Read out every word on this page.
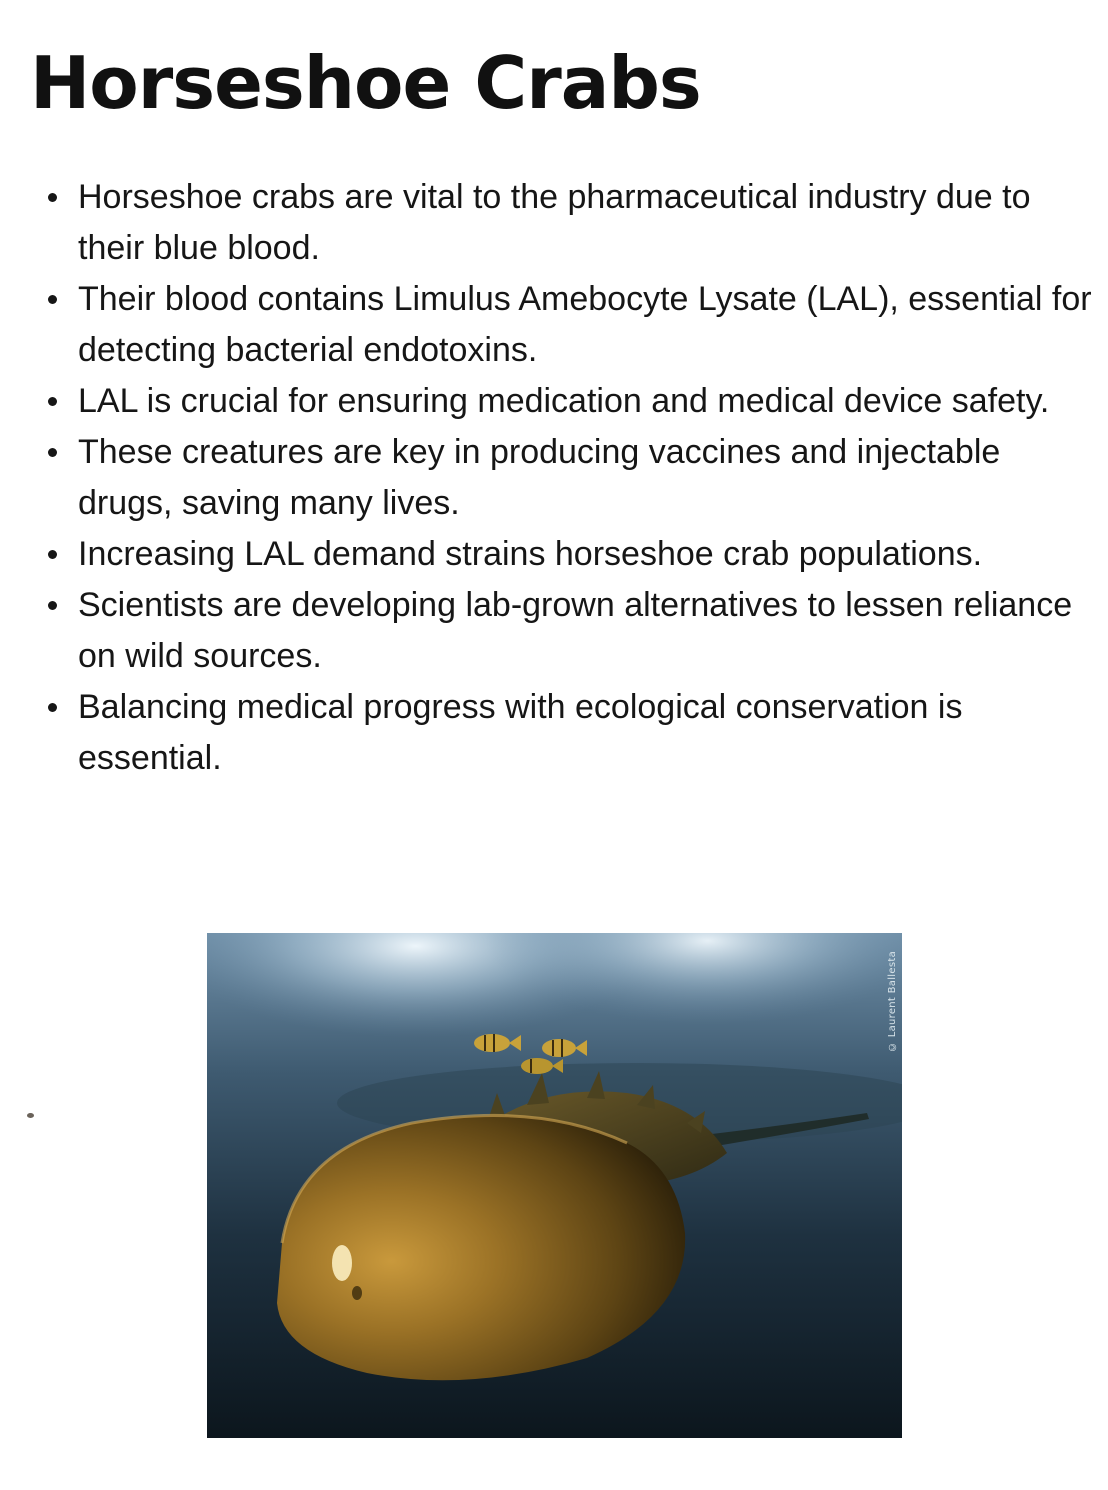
Horseshoe Crabs
Horseshoe crabs are vital to the pharmaceutical industry due to their blue blood.
Their blood contains Limulus Amebocyte Lysate (LAL), essential for detecting bacterial endotoxins.
LAL is crucial for ensuring medication and medical device safety.
These creatures are key in producing vaccines and injectable drugs, saving many lives.
Increasing LAL demand strains horseshoe crab populations.
Scientists are developing lab-grown alternatives to lessen reliance on wild sources.
Balancing medical progress with ecological conservation is essential.
© Laurent Ballesta
